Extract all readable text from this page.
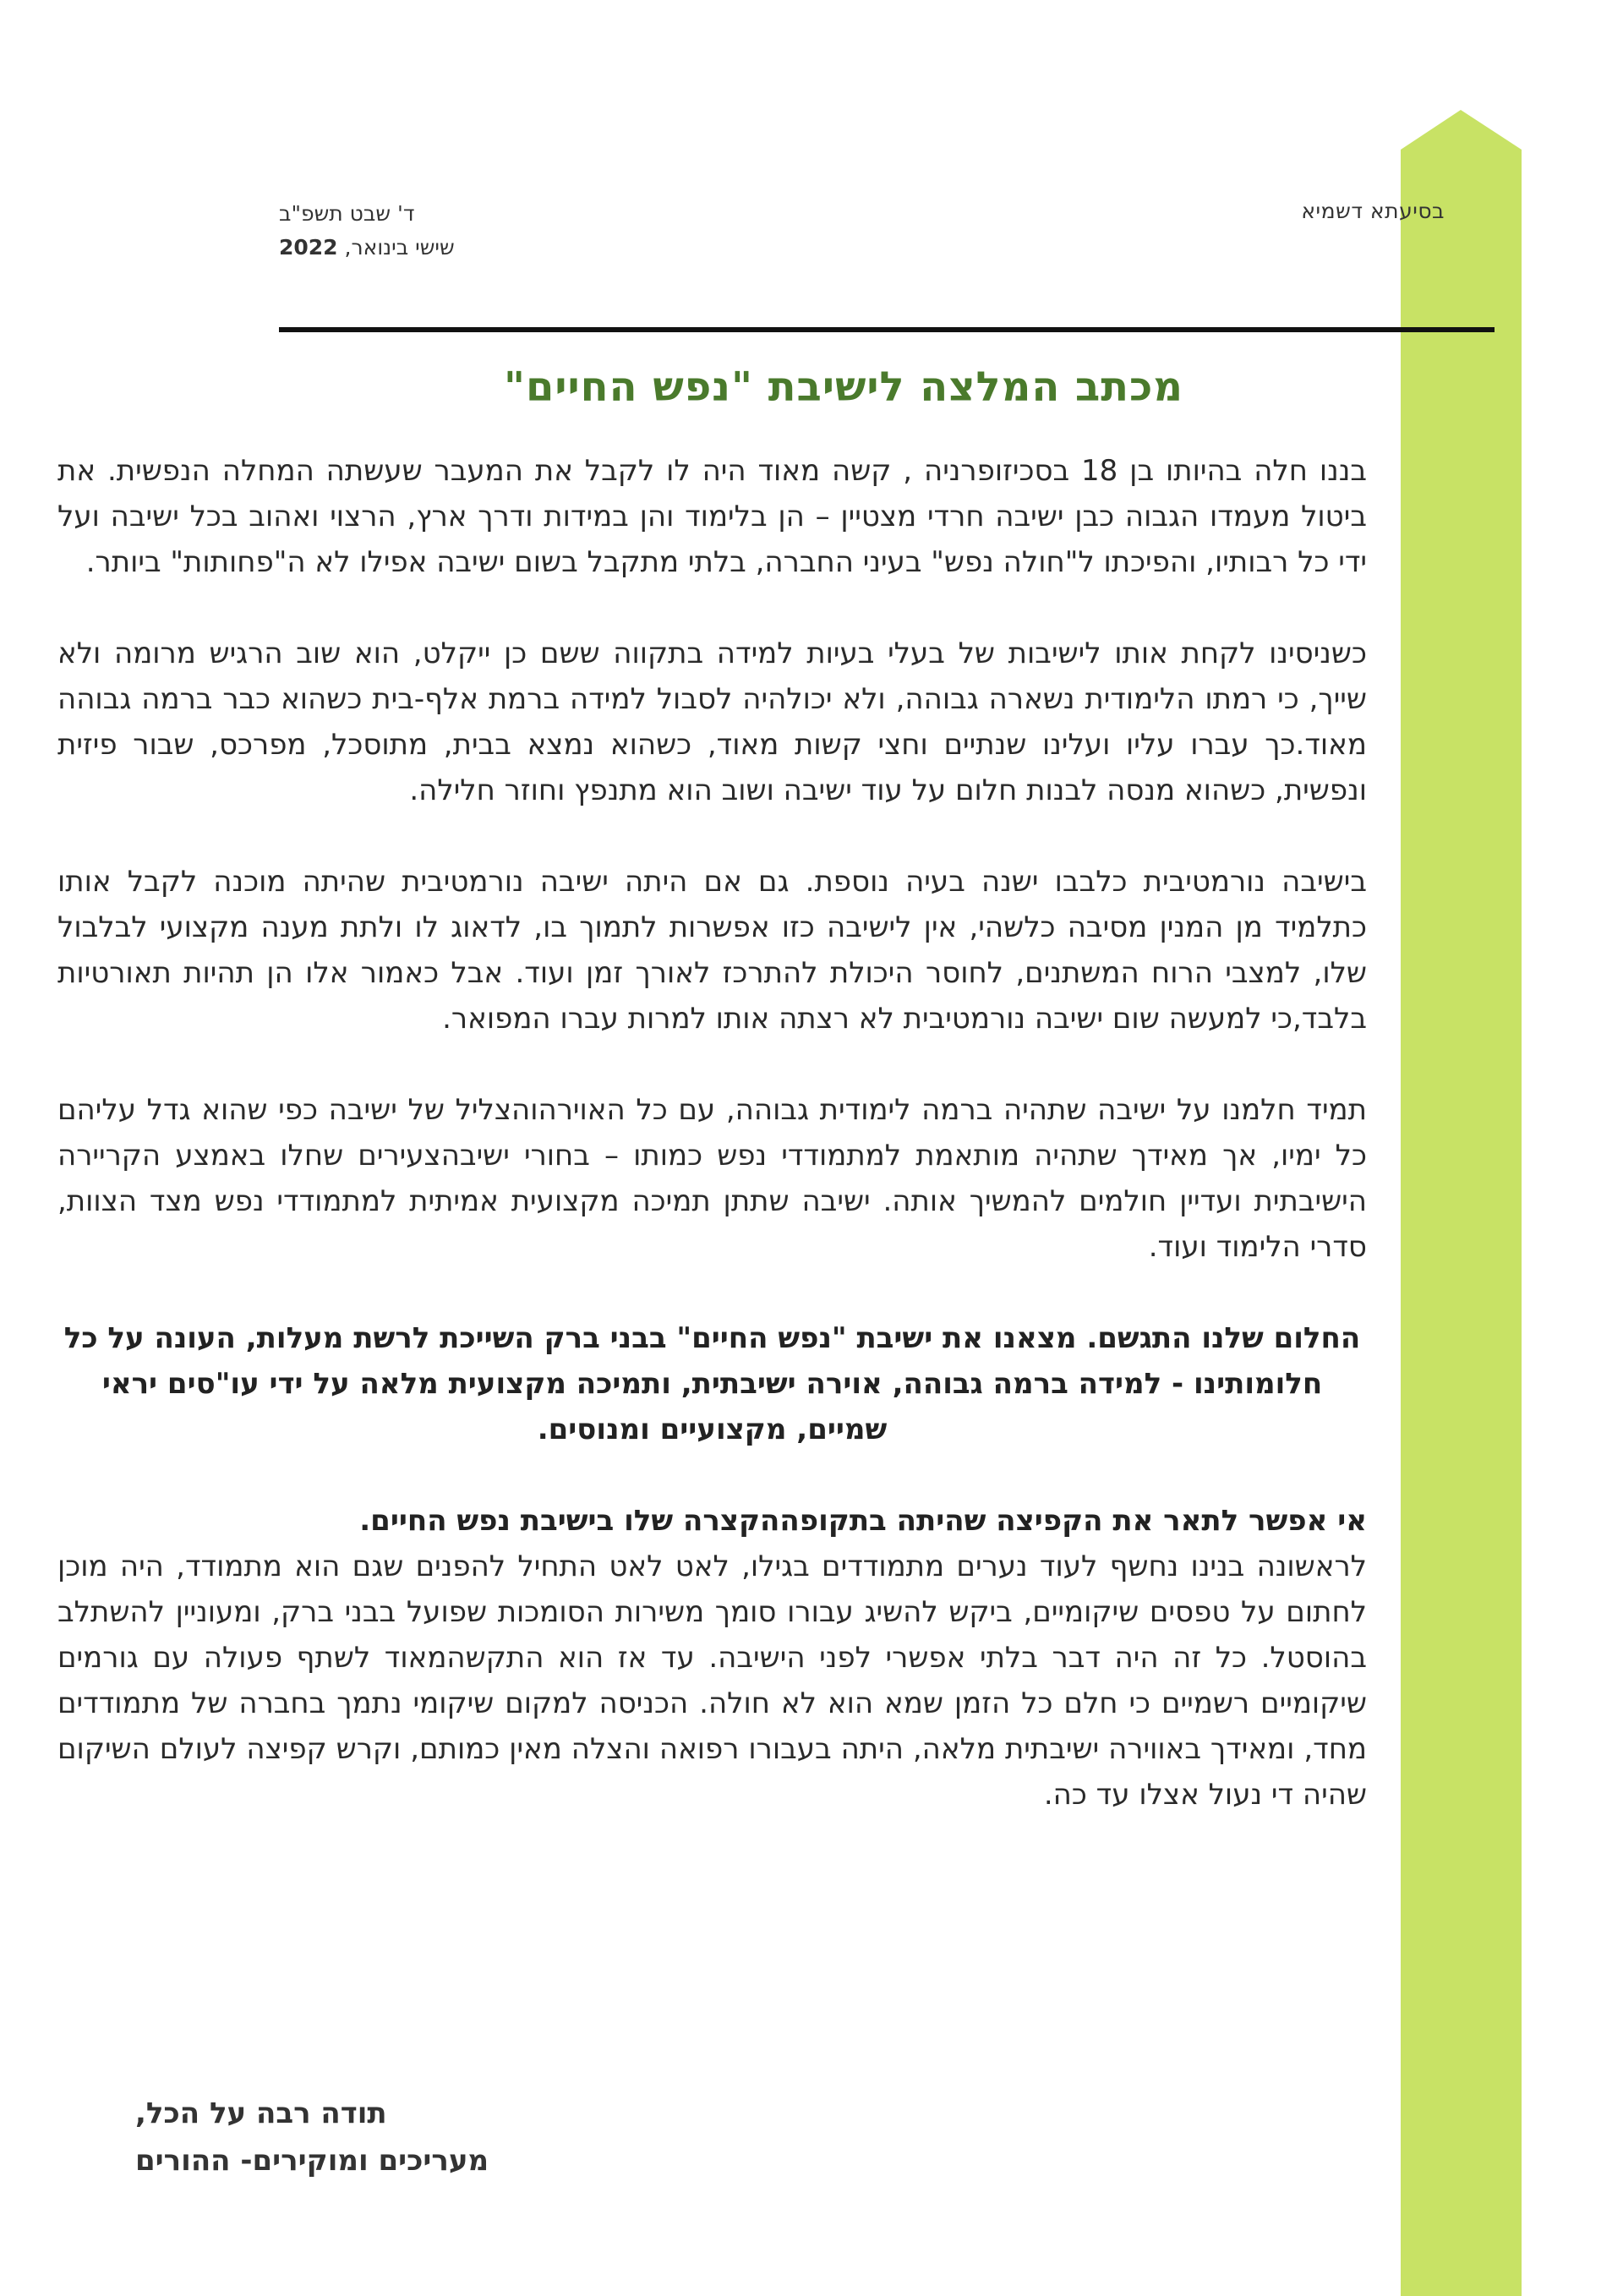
בסיעתא דשמיא
ד' שבט תשפ"ב
שישי בינואר, 2022
מכתב המלצה לישיבת "נפש החיים"

בננו חלה בהיותו בן 18 בסכיזופרניה , קשה מאוד היה לו לקבל את המעבר שעשתה המחלה הנפשית. את ביטול מעמדו הגבוה כבן ישיבה חרדי מצטיין – הן בלימוד והן במידות ודרך ארץ, הרצוי ואהוב בכל ישיבה ועל ידי כל רבותיו, והפיכתו ל"חולה נפש" בעיני החברה, בלתי מתקבל בשום ישיבה אפילו לא ה"פחותות" ביותר.

כשניסינו לקחת אותו לישיבות של בעלי בעיות למידה בתקווה ששם כן ייקלט, הוא שוב הרגיש מרומה ולא שייך, כי רמתו הלימודית נשארה גבוהה, ולא יכולהיה לסבול למידה ברמת אלף-בית כשהוא כבר ברמה גבוהה מאוד.כך עברו עליו ועלינו שנתיים וחצי קשות מאוד, כשהוא נמצא בבית, מתוסכל, מפרכס, שבור פיזית ונפשית, כשהוא מנסה לבנות חלום על עוד ישיבה ושוב הוא מתנפץ וחוזר חלילה.

בישיבה נורמטיבית כלבבו ישנה בעיה נוספת. גם אם היתה ישיבה נורמטיבית שהיתה מוכנה לקבל אותו כתלמיד מן המנין מסיבה כלשהי, אין לישיבה כזו אפשרות לתמוך בו, לדאוג לו ולתת מענה מקצועי לבלבול שלו, למצבי הרוח המשתנים, לחוסר היכולת להתרכז לאורך זמן ועוד. אבל כאמור אלו הן תהיות תאורטיות בלבד,כי למעשה שום ישיבה נורמטיבית לא רצתה אותו למרות עברו המפואר.

תמיד חלמנו על ישיבה שתהיה ברמה לימודית גבוהה, עם כל האוירהוהצליל של ישיבה כפי שהוא גדל עליהם כל ימיו, אך מאידך שתהיה מותאמת למתמודדי נפש כמותו – בחורי ישיבהצעירים שחלו באמצע הקריירה הישיבתית ועדיין חולמים להמשיך אותה. ישיבה שתתן תמיכה מקצועית אמיתית למתמודדי נפש מצד הצוות, סדרי הלימוד ועוד.

החלום שלנו התגשם. מצאנו את ישיבת "נפש החיים" בבני ברק השייכת לרשת מעלות, העונה על כל חלומותינו - למידה ברמה גבוהה, אוירה ישיבתית, ותמיכה מקצועית מלאה על ידי עו"סים יראי שמיים, מקצועיים ומנוסים.

אי אפשר לתאר את הקפיצה שהיתה בתקופההקצרה שלו בישיבת נפש החיים.
לראשונה בנינו נחשף לעוד נערים מתמודדים בגילו, לאט לאט התחיל להפנים שגם הוא מתמודד, היה מוכן לחתום על טפסים שיקומיים, ביקש להשיג עבורו סומך משירות הסומכות שפועל בבני ברק, ומעוניין להשתלב בהוסטל. כל זה היה דבר בלתי אפשרי לפני הישיבה. עד אז הוא התקשהמאוד לשתף פעולה עם גורמים שיקומיים רשמיים כי חלם כל הזמן שמא הוא לא חולה. הכניסה למקום שיקומי נתמך בחברה של מתמודדים מחד, ומאידך באווירה ישיבתית מלאה, היתה בעבורו רפואה והצלה מאין כמותם, וקרש קפיצה לעולם השיקום שהיה די נעול אצלו עד כה.

תודה רבה על הכל,
מעריכים ומוקירים- ההורים
